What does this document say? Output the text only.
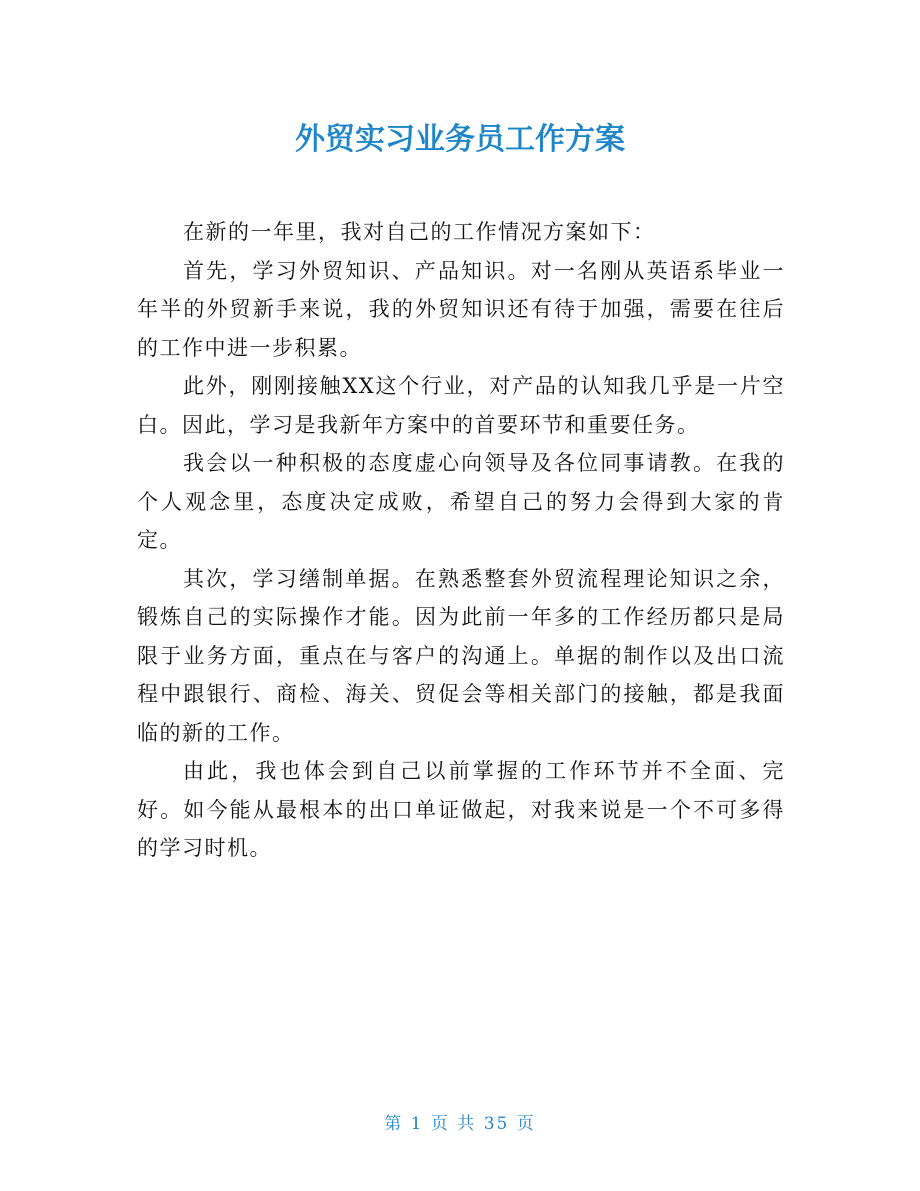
外贸实习业务员工作方案

在新的一年里，我对自己的工作情况方案如下：

首先，学习外贸知识、产品知识。对一名刚从英语系毕业一年半的外贸新手来说，我的外贸知识还有待于加强，需要在往后的工作中进一步积累。

此外，刚刚接触XX这个行业，对产品的认知我几乎是一片空白。因此，学习是我新年方案中的首要环节和重要任务。

我会以一种积极的态度虚心向领导及各位同事请教。在我的个人观念里，态度决定成败，希望自己的努力会得到大家的肯定。

其次，学习缮制单据。在熟悉整套外贸流程理论知识之余，锻炼自己的实际操作才能。因为此前一年多的工作经历都只是局限于业务方面，重点在与客户的沟通上。单据的制作以及出口流程中跟银行、商检、海关、贸促会等相关部门的接触，都是我面临的新的工作。

由此，我也体会到自己以前掌握的工作环节并不全面、完好。如今能从最根本的出口单证做起，对我来说是一个不可多得的学习时机。

第 1 页 共 35 页
